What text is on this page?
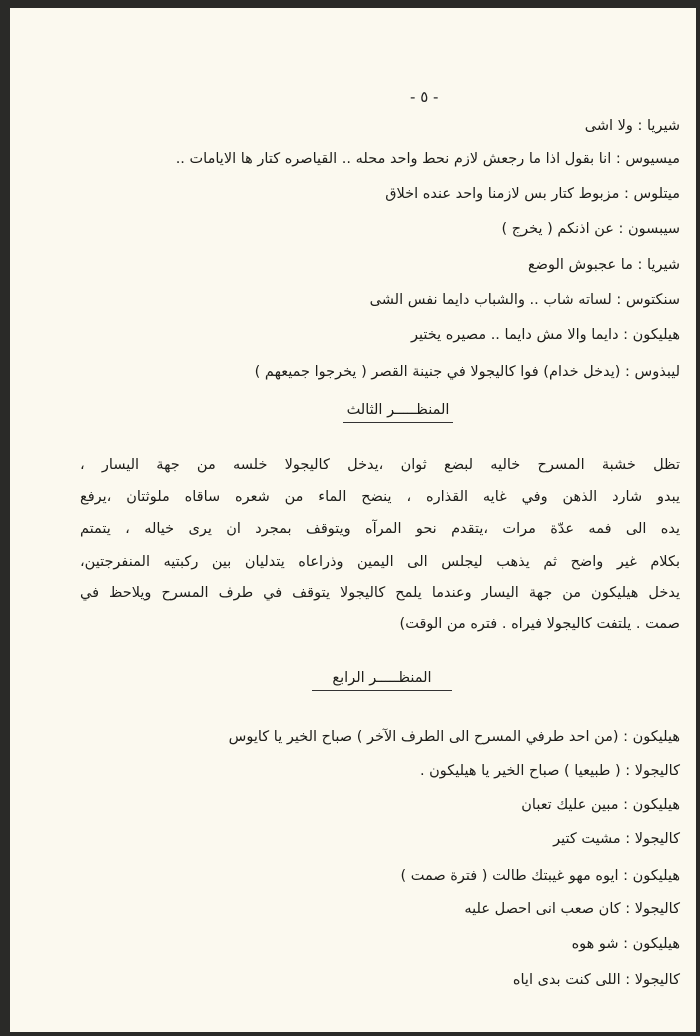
- ٥ -
شيريا : ولا اشى
ميسيوس : انا بقول اذا ما رجعش لازم نحط واحد محله .. القياصره كتار ها الايامات ..
ميتلوس : مزبوط كتار بس لازمنا واحد عنده اخلاق
سيبسون : عن اذنكم ( يخرج )
شيريا : ما عجبوش الوضع
سنكتوس : لساته شاب .. والشباب دايما نفس الشى
هيليكون : دايما والا مش دايما .. مصيره يختير
ليبذوس : (يدخل خدام) فوا كاليجولا في جنينة القصر ( يخرجوا جميعهم )
المنظـــــر الثالث
تظل خشبة المسرح خاليه لبضع ثوان ،يدخل كاليجولا خلسه من جهة اليسار ،
يبدو شارد الذهن وفي غايه القذاره ، ينضح الماء من شعره ساقاه ملوثتان ،يرفع
يده الى فمه عدّة مرات ،يتقدم نحو المرآه ويتوقف بمجرد ان يرى خياله ، يتمتم
بكلام غير واضح ثم يذهب ليجلس الى اليمين وذراعاه يتدليان بين ركبتيه المنفرجتين،
يدخل هيليكون من جهة اليسار وعندما يلمح كاليجولا يتوقف في طرف المسرح ويلاحظ في
صمت . يلتفت كاليجولا فيراه . فتره من الوقت)
المنظـــــر الرابع
هيليكون : (من احد طرفي المسرح الى الطرف الآخر ) صباح الخير يا كايوس
كاليجولا : ( طبيعيا ) صباح الخير يا هيليكون .
هيليكون : مبين عليك تعبان
كاليجولا : مشيت كتير
هيليكون : ايوه مهو غيبتك طالت ( فترة صمت )
كاليجولا : كان صعب انى احصل عليه
هيليكون : شو هوه
كاليجولا : اللى كنت بدى اياه
